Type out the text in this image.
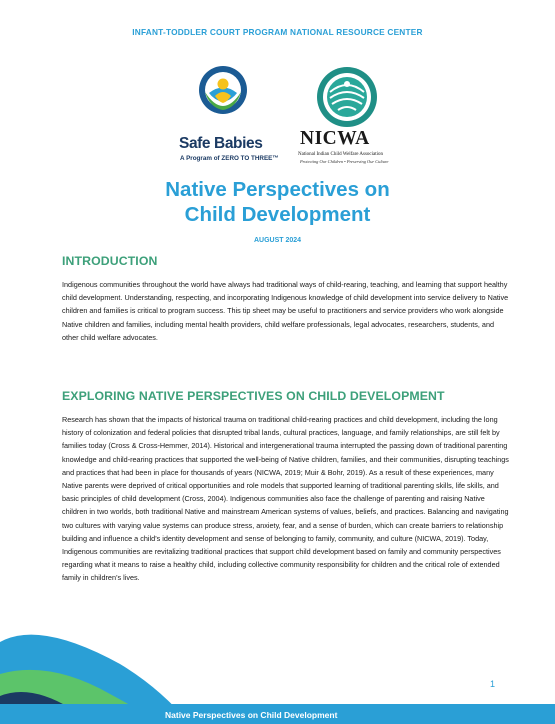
INFANT-TODDLER COURT PROGRAM NATIONAL RESOURCE CENTER
Safe Babies
A Program of ZERO TO THREE™
NICWA
National Indian Child Welfare Association
Protecting Our Children • Preserving Our Culture
Native Perspectives on
Child Development
AUGUST 2024
INTRODUCTION

Indigenous communities throughout the world have always had traditional ways of child-rearing, teaching, and learning that support healthy child development. Understanding, respecting, and incorporating Indigenous knowledge of child development into service delivery to Native children and families is critical to program success. This tip sheet may be useful to practitioners and service providers who work alongside Native children and families, including mental health providers, child welfare professionals, legal advocates, researchers, students, and other child welfare advocates.

EXPLORING NATIVE PERSPECTIVES ON CHILD DEVELOPMENT

Research has shown that the impacts of historical trauma on traditional child-rearing practices and child development, including the long history of colonization and federal policies that disrupted tribal lands, cultural practices, language, and family relationships, are still felt by families today (Cross & Cross-Hemmer, 2014). Historical and intergenerational trauma interrupted the passing down of traditional parenting knowledge and child-rearing practices that supported the well-being of Native children, families, and their communities, disrupting teachings and practices that had been in place for thousands of years (NICWA, 2019; Muir & Bohr, 2019). As a result of these experiences, many Native parents were deprived of critical opportunities and role models that supported learning of traditional parenting skills, life skills, and basic principles of child development (Cross, 2004). Indigenous communities also face the challenge of parenting and raising Native children in two worlds, both traditional Native and mainstream American systems of values, beliefs, and practices. Balancing and navigating two cultures with varying value systems can produce stress, anxiety, fear, and a sense of burden, which can create barriers to relationship building and influence a child’s identity development and sense of belonging to family, community, and culture (NICWA, 2019). Today, Indigenous communities are revitalizing traditional practices that support child development based on family and community perspectives regarding what it means to raise a healthy child, including collective community responsibility for children and the critical role of extended family in children’s lives.

1
Native Perspectives on Child Development
